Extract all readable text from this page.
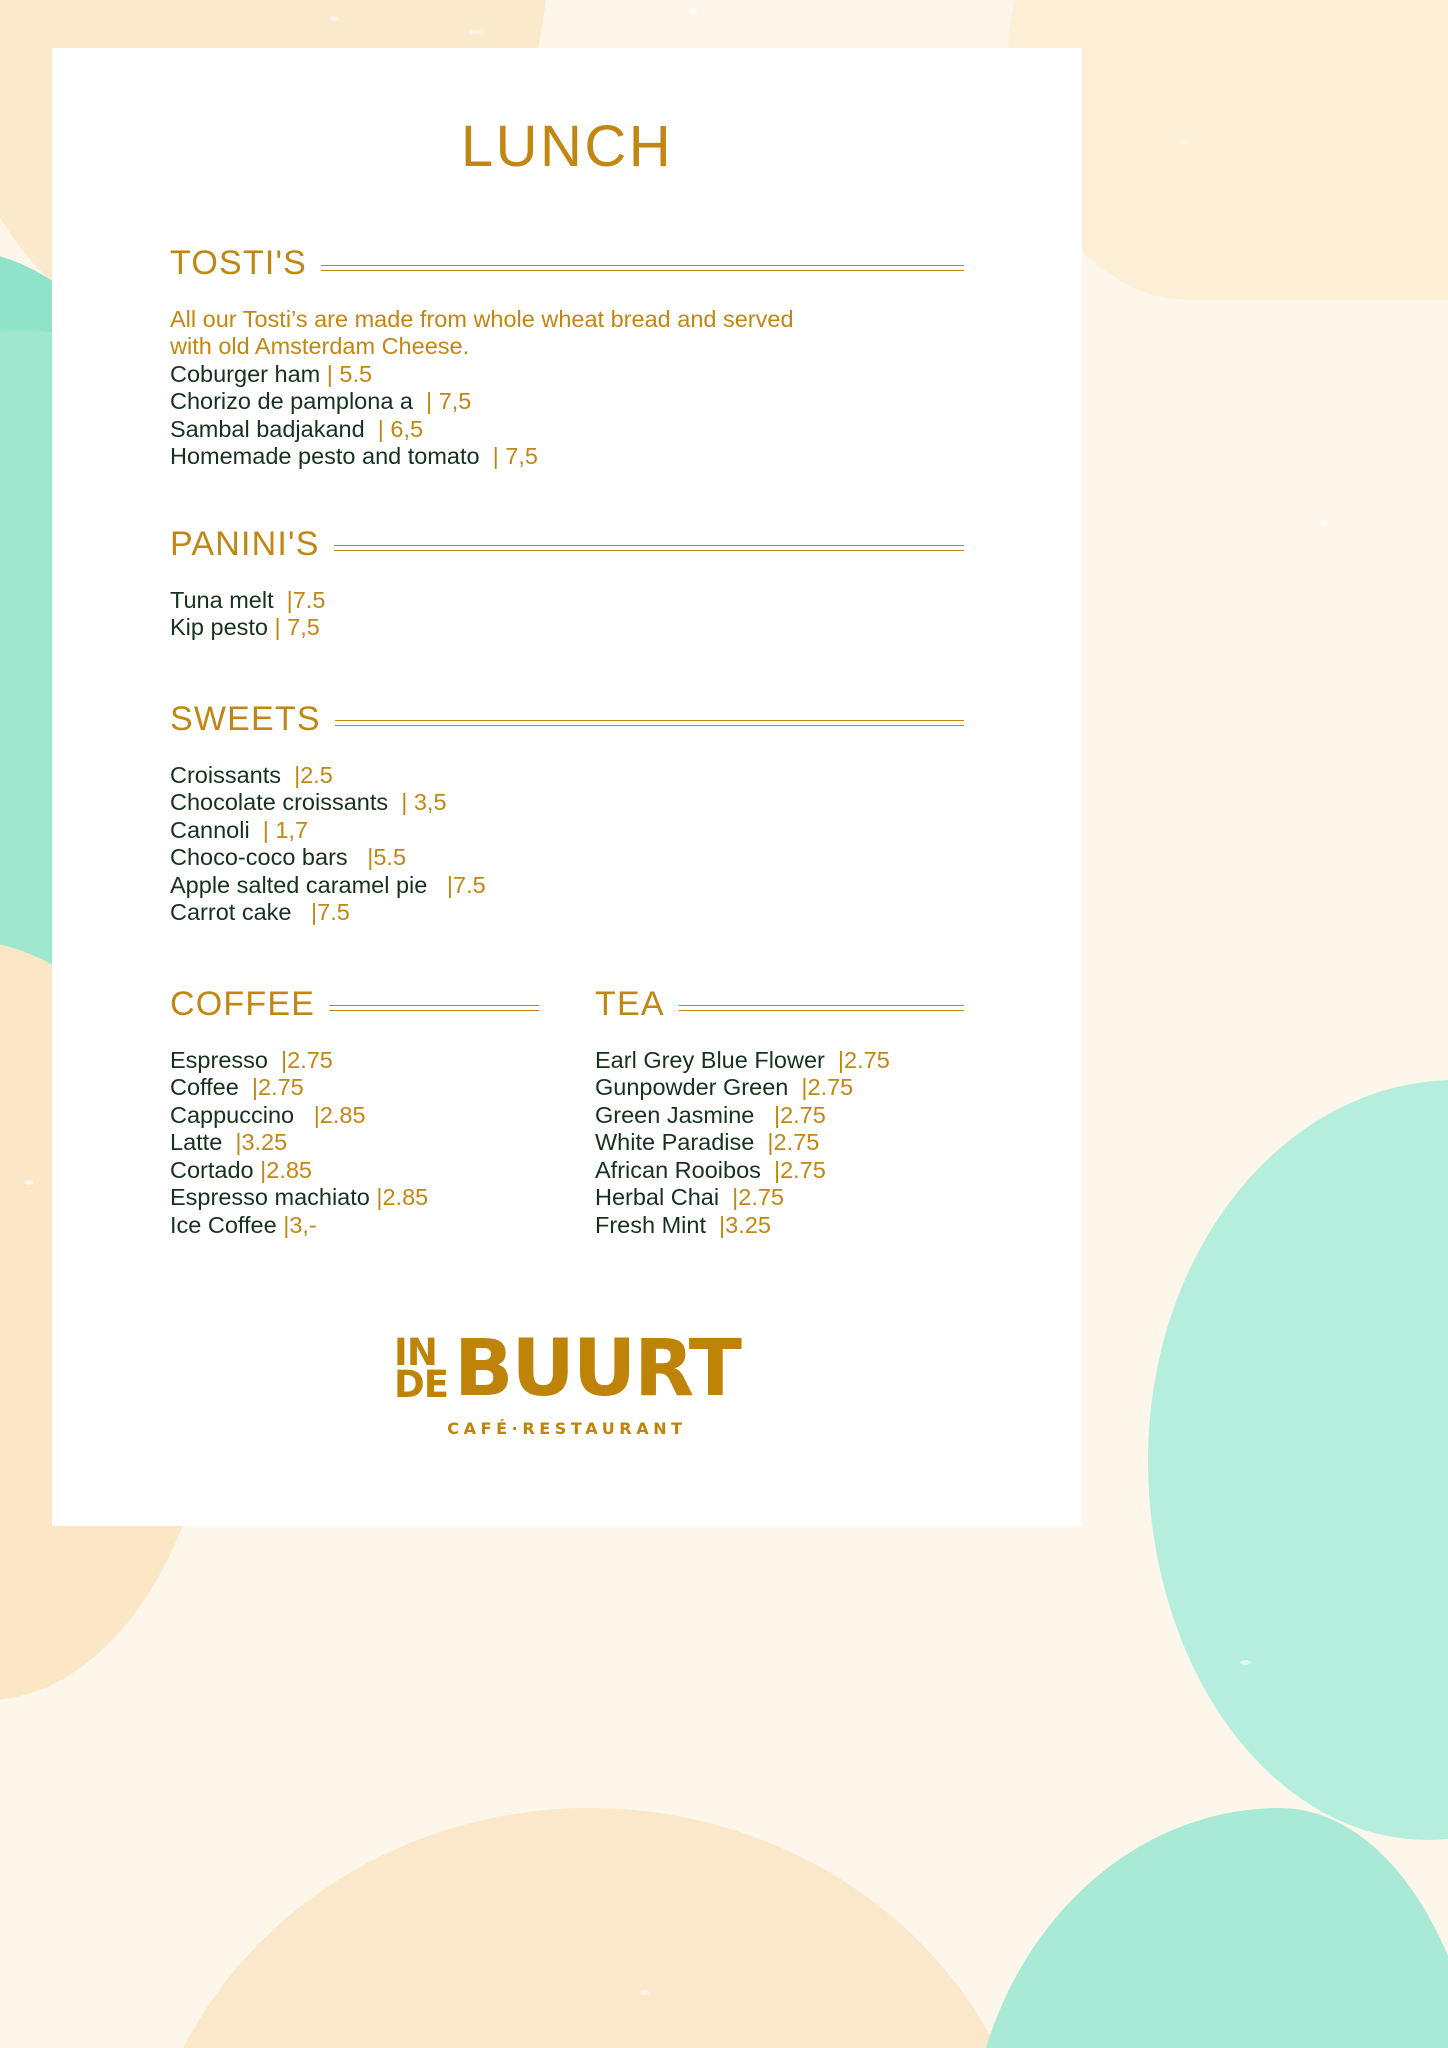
LUNCH
TOSTI'S
All our Tosti’s are made from whole wheat bread and served
with old Amsterdam Cheese.
Coburger ham | 5.5
Chorizo de pamplona a  | 7,5
Sambal badjakand  | 6,5
Homemade pesto and tomato  | 7,5
PANINI'S
Tuna melt  |7.5
Kip pesto | 7,5
SWEETS
Croissants  |2.5
Chocolate croissants  | 3,5
Cannoli  | 1,7
Choco-coco bars   |5.5
Apple salted caramel pie   |7.5
Carrot cake   |7.5
COFFEE
Espresso  |2.75
Coffee  |2.75
Cappuccino   |2.85
Latte  |3.25
Cortado |2.85
Espresso machiato |2.85
Ice Coffee |3,-
TEA
Earl Grey Blue Flower  |2.75
Gunpowder Green  |2.75
Green Jasmine   |2.75
White Paradise  |2.75
African Rooibos  |2.75
Herbal Chai  |2.75
Fresh Mint  |3.25
IN
DE BUURT
CAFÉ·RESTAURANT
